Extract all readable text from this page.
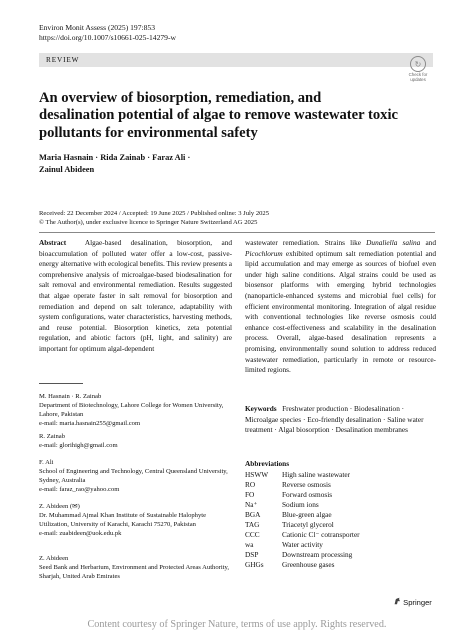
Environ Monit Assess (2025) 197:853
https://doi.org/10.1007/s10661-025-14279-w
REVIEW	↻
Check for
updates
An overview of biosorption, remediation, and desalination potential of algae to remove wastewater toxic pollutants for environmental safety
Maria Hasnain · Rida Zainab · Faraz Ali ·
Zainul Abideen
Received: 22 December 2024 / Accepted: 19 June 2025 / Published online: 3 July 2025
© The Author(s), under exclusive licence to Springer Nature Switzerland AG 2025
Abstract	Algae-based desalination, biosorption, and bioaccumulation of polluted water offer a low-cost, passive-energy alternative with ecological benefits. This review presents a comprehensive analysis of microalgae-based biodesalination for salt removal and environmental remediation. Results suggested that algae operate faster in salt removal for biosorption and remediation and depend on salt tolerance, adaptability with system configurations, water characteristics, harvesting methods, and reuse potential. Biosorption kinetics, zeta potential regulation, and abiotic factors (pH, light, and salinity) are important for optimum algal-dependent
wastewater remediation. Strains like Dunaliella salina and Picochlorum exhibited optimum salt remediation potential and lipid accumulation and may emerge as sources of biofuel even under high saline conditions. Algal strains could be used as biosensor platforms with emerging hybrid technologies (nanoparticle-enhanced systems and microbial fuel cells) for efficient environmental monitoring. Integration of algal residue with conventional technologies like reverse osmosis could enhance cost-effectiveness and scalability in the desalination process. Overall, algae-based desalination represents a promising, environmentally sound solution to address reduced wastewater remediation, particularly in remote or resource-limited regions.
M. Hasnain · R. Zainab
Department of Biotechnology, Lahore College for Women University, Lahore, Pakistan
e-mail: maria.hasnain255@gmail.com
R. Zainab
e-mail: glorihigh@gmail.com
F. Ali
School of Engineering and Technology, Central Queensland University, Sydney, Australia
e-mail: faraz_rao@yahoo.com
Z. Abideen (✉)
Dr. Muhammad Ajmal Khan Institute of Sustainable Halophyte Utilization, University of Karachi, Karachi 75270, Pakistan
e-mail: zuabideen@uok.edu.pk
Z. Abideen
Seed Bank and Herbarium, Environment and Protected Areas Authority, Sharjah, United Arab Emirates
Keywords Freshwater production · Biodesalination · Microalgae species · Eco-friendly desalination · Saline water treatment · Algal biosorption · Desalination membranes
Abbreviations
HSWW High saline wastewater
RO	Reverse osmosis
FO	Forward osmosis
Na⁺	Sodium ions
BGA	Blue-green algae
TAG	Triacetyl glycerol
CCC	Cationic Cl⁻ cotransporter
wa	Water activity
DSP	Downstream processing
GHGs	Greenhouse gases
Springer
Content courtesy of Springer Nature, terms of use apply. Rights reserved.
